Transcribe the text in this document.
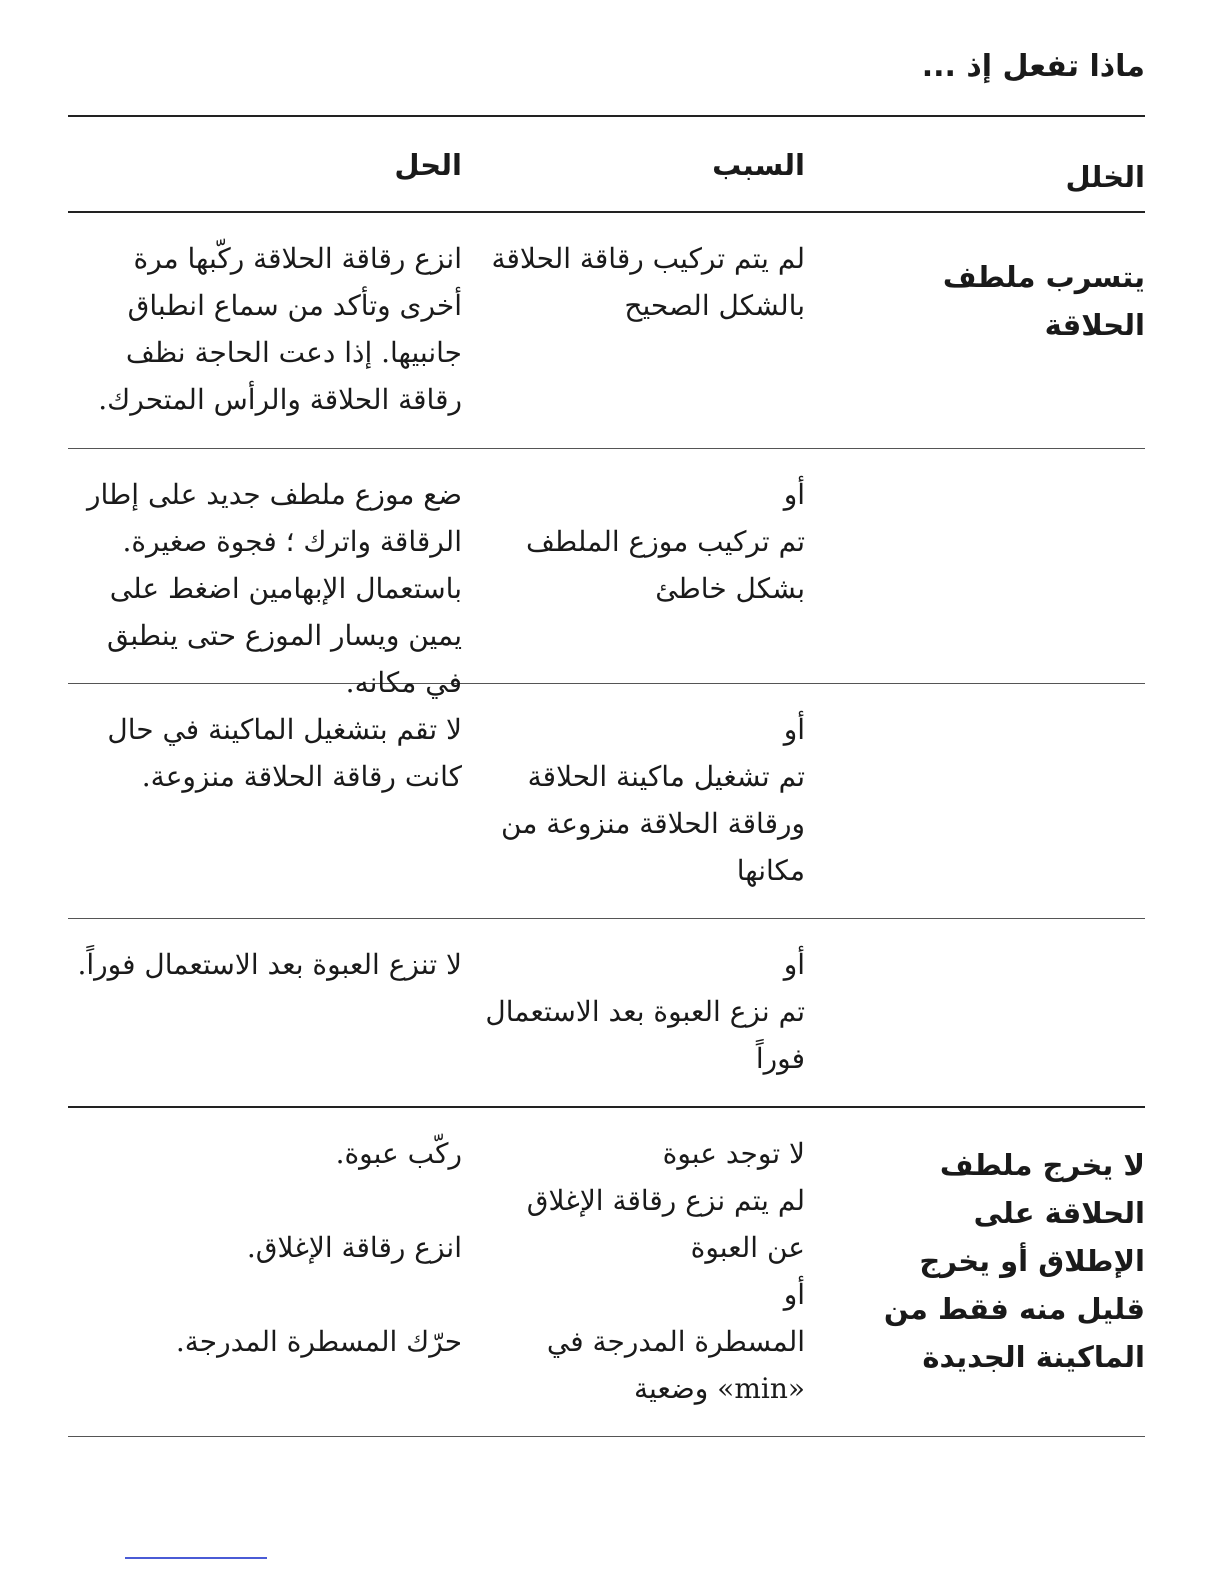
ماذا تفعل إذ ...
الخلل
السبب
الحل
يتسرب ملطف الحلاقة
لم يتم تركيب رقاقة الحلاقة بالشكل الصحيح
انزع رقاقة الحلاقة ركّبها مرة أخرى وتأكد من سماع انطباق جانبيها. إذا دعت الحاجة نظف رقاقة الحلاقة والرأس المتحرك.
أو
تم تركيب موزع الملطف بشكل خاطئ
ضع موزع ملطف جديد على إطار الرقاقة واترك ؛ فجوة صغيرة. باستعمال الإبهامين اضغط على يمين ويسار الموزع حتى ينطبق في مكانه.
أو
تم تشغيل ماكينة الحلاقة ورقاقة الحلاقة منزوعة من مكانها
لا تقم بتشغيل الماكينة في حال كانت رقاقة الحلاقة منزوعة.
أو
تم نزع العبوة بعد الاستعمال فوراً
لا تنزع العبوة بعد الاستعمال فوراً.
لا يخرج ملطف الحلاقة على الإطلاق أو يخرج قليل منه فقط من الماكينة الجديدة
لا توجد عبوة
لم يتم نزع رقاقة الإغلاق عن العبوة
أو
المسطرة المدرجة في «min» وضعية
ركّب عبوة.
انزع رقاقة الإغلاق.
حرّك المسطرة المدرجة.
